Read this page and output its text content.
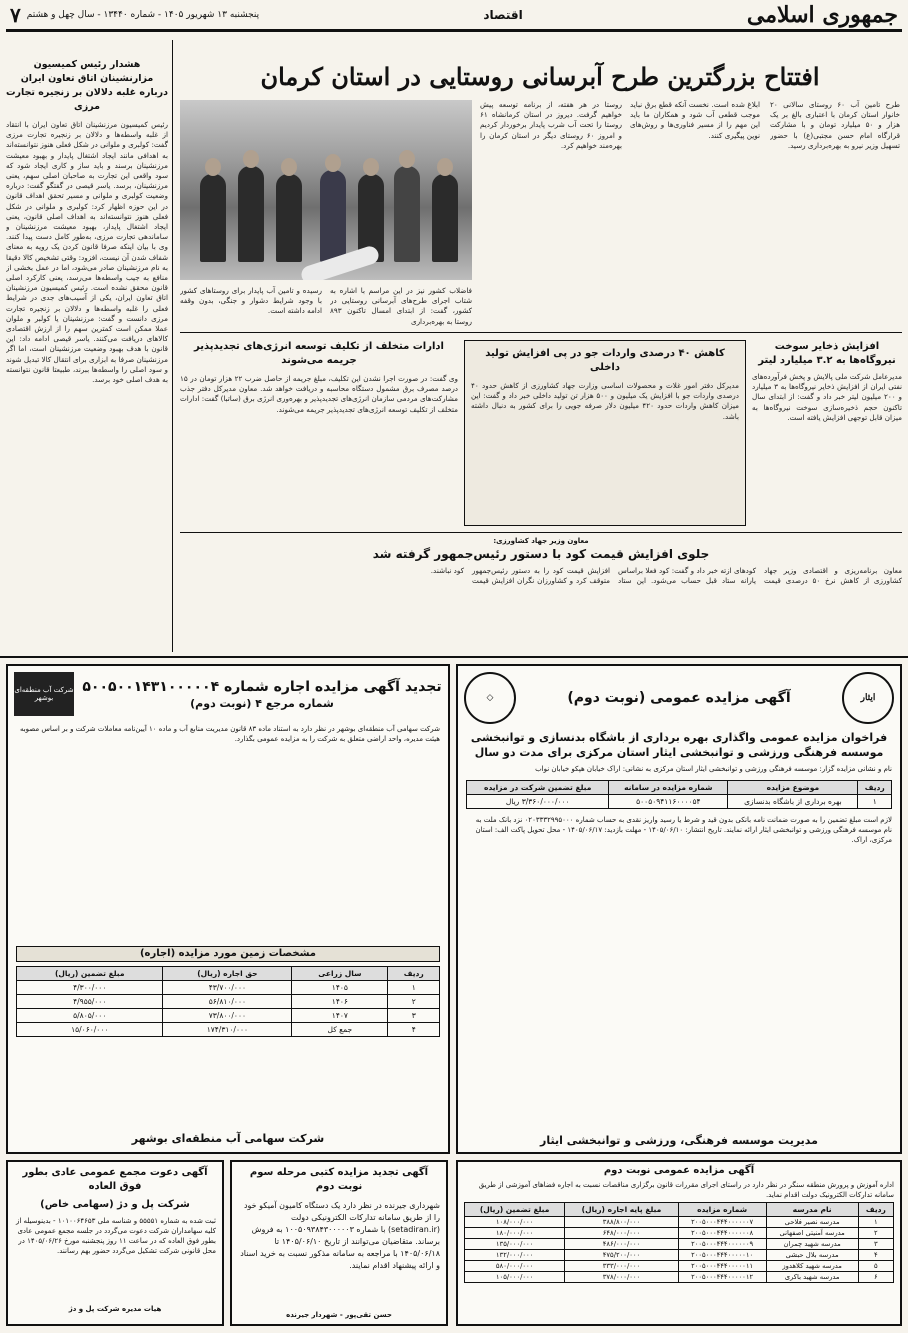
جمهوری اسلامی
اقتصاد
پنجشنبه ۱۳ شهریور ۱۴۰۵ - شماره ۱۳۴۴۰ - سال چهل و هشتم
۷
افتتاح بزرگترین طرح آبرسانی روستایی در استان کرمان
طرح تامین آب ۶۰ روستای سالانی ۲۰ خانوار استان کرمان با اعتباری بالغ بر یک هزار و ۵۰ میلیارد تومان و با مشارکت قرارگاه امام حسن مجتبی(ع) با حضور تسهیل وزیر نیرو به بهره‌برداری رسید.
ابلاغ شده است. نخست آنکه قطع برق نباید موجب قطعی آب شود و همکاران ما باید این مهم را از مسیر فناوری‌ها و روش‌های نوین پیگیری کنند.
روستا در هر هفته، از برنامه توسعه پیش خواهیم گرفت. دیروز در استان کرمانشاه ۶۱ روستا را تحت آب شرب پایدار برخوردار کردیم و امروز ۶۰ روستای دیگر در استان کرمان را بهره‌مند خواهیم کرد.
فاضلاب کشور نیز در این مراسم با اشاره به شتاب اجرای طرح‌های آبرسانی روستایی در کشور، گفت: از ابتدای امسال تاکنون ۸۹۳ روستا به بهره‌برداری
رسیده و تامین آب پایدار برای روستاهای کشور با وجود شرایط دشوار و جنگی، بدون وقفه ادامه داشته است.
هشدار رئیس کمیسیون مزارنشینان اتاق تعاون ایران درباره غلبه دلالان بر زنجیره تجارت مرزی
رئیس کمیسیون مرزنشینان اتاق تعاون ایران با انتقاد از غلبه واسطه‌ها و دلالان بر زنجیره تجارت مرزی گفت: کولبری و ملوانی در شکل فعلی هنوز نتوانسته‌اند به اهدافی مانند ایجاد اشتغال پایدار و بهبود معیشت مرزنشینان برسند و باید ساز و کاری ایجاد شود که سود واقعی این تجارت به صاحبان اصلی سهم، یعنی مرزنشینان، برسد. یاسر قیصی در گفتگو گفت: درباره وضعیت کولبری و ملوانی و مسیر تحقق اهداف قانون در این حوزه اظهار کرد: کولبری و ملوانی در شکل فعلی هنوز نتوانسته‌اند به اهداف اصلی قانون، یعنی ایجاد اشتغال پایدار، بهبود معیشت مرزنشینان و ساماندهی تجارت مرزی، به‌طور کامل دست پیدا کنند. وی با بیان اینکه صرفا قانون کردن یک رویه به معنای شفاف شدن آن نیست، افزود: وقتی تشخیص کالا دقیقا به نام مرزنشینان صادر می‌شود، اما در عمل بخشی از منافع به جیب واسطه‌ها می‌رسد، یعنی کارکرد اصلی قانون محقق نشده است. رئیس کمیسیون مرزنشینان اتاق تعاون ایران، یکی از آسیب‌های جدی در شرایط فعلی را غلبه واسطه‌ها و دلالان بر زنجیره تجارت مرزی دانست و گفت: مرزنشینان یا کولبر و ملوان عملا ممکن است کمترین سهم را از ارزش اقتصادی کالاهای دریافت می‌کنند. یاسر قیصی ادامه داد: این قانون با هدف بهبود وضعیت مرزنشینان است، اما اگر مرزنشینان صرفا به ابزاری برای انتقال کالا تبدیل شوند و سود اصلی را واسطه‌ها ببرند، طبیعتا قانون نتوانسته به هدف اصلی خود برسد.
افزایش ذخایر سوخت نیروگاه‌ها به ۳.۲ میلیارد لیتر
مدیرعامل شرکت ملی پالایش و پخش فرآورده‌های نفتی ایران از افزایش ذخایر نیروگاه‌ها به ۳ میلیارد و ۲۰۰ میلیون لیتر خبر داد و گفت: از ابتدای سال تاکنون حجم ذخیره‌سازی سوخت نیروگاه‌ها به میزان قابل توجهی افزایش یافته است.
کاهش ۴۰ درصدی واردات جو در پی افزایش تولید داخلی
مدیرکل دفتر امور غلات و محصولات اساسی وزارت جهاد کشاورزی از کاهش حدود ۴۰ درصدی واردات جو با افزایش یک میلیون و ۵۰۰ هزار تن تولید داخلی خبر داد و گفت: این میزان کاهش واردات حدود ۴۲۰ میلیون دلار صرفه جویی را برای کشور به دنبال داشته باشد.
ادارات متخلف از تکلیف توسعه انرژی‌های تجدیدپذیر جریمه می‌شوند
وی گفت: در صورت اجرا نشدن این تکلیف، مبلغ جریمه از حاصل ضرب ۲۲ هزار تومان در ۱۵ درصد مصرف برق مشمول دستگاه محاسبه و دریافت خواهد شد. معاون مدیرکل دفتر جذب مشارکت‌های مردمی سازمان انرژی‌های تجدیدپذیر و بهره‌وری انرژی برق (ساتبا) گفت: ادارات متخلف از تکلیف توسعه انرژی‌های تجدیدپذیر جریمه می‌شوند.
معاون وزیر جهاد کشاورزی:
جلوی افزایش قیمت کود با دستور رئیس‌جمهور گرفته شد
معاون برنامه‌ریزی و اقتصادی وزیر جهاد کشاورزی از کاهش نرخ ۵۰ درصدی قیمت کودهای ازته خبر داد و گفت: کود فعلا براساس یارانه ستاد قبل حساب می‌شود. این ستاد افزایش قیمت کود را به دستور رئیس‌جمهور متوقف کرد و کشاورزان نگران افزایش قیمت کود نباشند.
ایثار
آگهی مزایده عمومی (نوبت دوم)
◇
فراخوان مزایده عمومی واگذاری بهره برداری از باشگاه بدنسازی و توانبخشی موسسه فرهنگی ورزشی و توانبخشی ایثار استان مرکزی برای مدت دو سال
نام و نشانی مزایده گزار: موسسه فرهنگی ورزشی و توانبخشی ایثار استان مرکزی به نشانی: اراک خیابان هپکو خیابان نواب
ردیف	موضوع مزایده	شماره مزایده در سامانه	مبلغ تضمین شرکت در مزایده
۱	بهره برداری از باشگاه بدنسازی	۵۰۰۵۰۹۴۱۱۶۰۰۰۰۵۴	۳/۳۶۰/۰۰۰/۰۰۰ ریال
لازم است مبلغ تضمین را به صورت ضمانت نامه بانکی بدون قید و شرط یا رسید واریز نقدی به حساب شماره ۰۲۰۳۳۳۲۹۹۵۰۰۰ نزد بانک ملت به نام موسسه فرهنگی ورزشی و توانبخشی ایثار ارائه نمایند. تاریخ انتشار: ۱۴۰۵/۰۶/۱۰ - مهلت بازدید: ۱۴۰۵/۰۶/۱۷ - محل تحویل پاکت الف: استان مرکزی، اراک.
مدیریت موسسه فرهنگی، ورزشی و توانبخشی ایثار
تجدید آگهی مزایده اجاره شماره ۵۰۰۵۰۰۱۴۳۱۰۰۰۰۰۴
شماره مرجع ۴ (نوبت دوم)
شرکت آب منطقه‌ای بوشهر
شرکت سهامی آب منطقه‌ای بوشهر در نظر دارد به استناد ماده ۸۳ قانون مدیریت منابع آب و ماده ۱۰ آیین‌نامه معاملات شرکت و بر اساس مصوبه هیئت مدیره، واحد اراضی متعلق به شرکت را به مزایده عمومی بگذارد.
مشخصات زمین مورد مزایده (اجاره)
ردیف	سال زراعی	حق اجاره (ریال)	مبلغ تضمین (ریال)
۱	۱۴۰۵	۴۳/۷۰۰/۰۰۰	۴/۳۰۰/۰۰۰
۲	۱۴۰۶	۵۶/۸۱۰/۰۰۰	۴/۹۵۵/۰۰۰
۳	۱۴۰۷	۷۳/۸۰۰/۰۰۰	۵/۸۰۵/۰۰۰
۴	جمع کل	۱۷۴/۳۱۰/۰۰۰	۱۵/۰۶۰/۰۰۰
شرکت سهامی آب منطقه‌ای بوشهر
آگهی دعوت مجمع عمومی عادی بطور فوق العاده
شرکت پل و دژ (سهامی خاص)
ثبت شده به شماره ۵۵۵۵۱ و شناسه ملی ۱۰۱۰۰۶۴۶۵۳ - بدینوسیله از کلیه سهامداران شرکت دعوت می‌گردد در جلسه مجمع عمومی عادی بطور فوق العاده که در ساعت ۱۱ روز پنجشنبه مورخ ۱۴۰۵/۰۶/۲۶ در محل قانونی شرکت تشکیل می‌گردد حضور بهم رسانند.
هیات مدیره شرکت پل و دژ
آگهی تجدید مزایده کتبی مرحله سوم نوبت دوم
شهرداری جیرنده در نظر دارد یک دستگاه کامیون آمیکو خود را از طریق سامانه تدارکات الکترونیکی دولت (setadiran.ir) با شماره ۱۰۰۵۰۹۳۸۴۳۰۰۰۰۰۳ به فروش برساند. متقاضیان می‌توانند از تاریخ ۱۴۰۵/۰۶/۱۰ تا ۱۴۰۵/۰۶/۱۸ با مراجعه به سامانه مذکور نسبت به خرید اسناد و ارائه پیشنهاد اقدام نمایند.
حسن تقی‌پور - شهردار جیرنده
آگهی مزایده عمومی نوبت دوم
اداره آموزش و پرورش منطقه سنگر در نظر دارد در راستای اجرای مقررات قانون برگزاری مناقصات نسبت به اجاره فضاهای آموزشی از طریق سامانه تدارکات الکترونیک دولت اقدام نماید.
ردیف	نام مدرسه	شماره مزایده	مبلغ پایه اجاره (ریال)	مبلغ تضمین (ریال)
۱	مدرسه نصیر فلاحی	۲۰۰۵۰۰۰۴۴۴۰۰۰۰۰۰۷	۳۸۸/۸۰۰/۰۰۰	۱۰۸/۰۰۰/۰۰۰
۲	مدرسه آمنیتی اصفهانی	۲۰۰۵۰۰۰۴۴۴۰۰۰۰۰۰۸	۶۴۸/۰۰۰/۰۰۰	۱۸۰/۰۰۰/۰۰۰
۳	مدرسه شهید چمران	۲۰۰۵۰۰۰۴۴۴۰۰۰۰۰۰۹	۴۸۶/۰۰۰/۰۰۰	۱۳۵/۰۰۰/۰۰۰
۴	مدرسه بلال حبشی	۲۰۰۵۰۰۰۴۴۴۰۰۰۰۰۱۰	۴۷۵/۲۰۰/۰۰۰	۱۳۲/۰۰۰/۰۰۰
۵	مدرسه شهید کلاهدوز	۲۰۰۵۰۰۰۴۴۴۰۰۰۰۰۱۱	۳۳۳/۰۰۰/۰۰۰	۵۸۰/۰۰۰/۰۰۰
۶	مدرسه شهید باکری	۲۰۰۵۰۰۰۴۴۴۰۰۰۰۰۱۲	۳۷۸/۰۰۰/۰۰۰	۱۰۵/۰۰۰/۰۰۰
